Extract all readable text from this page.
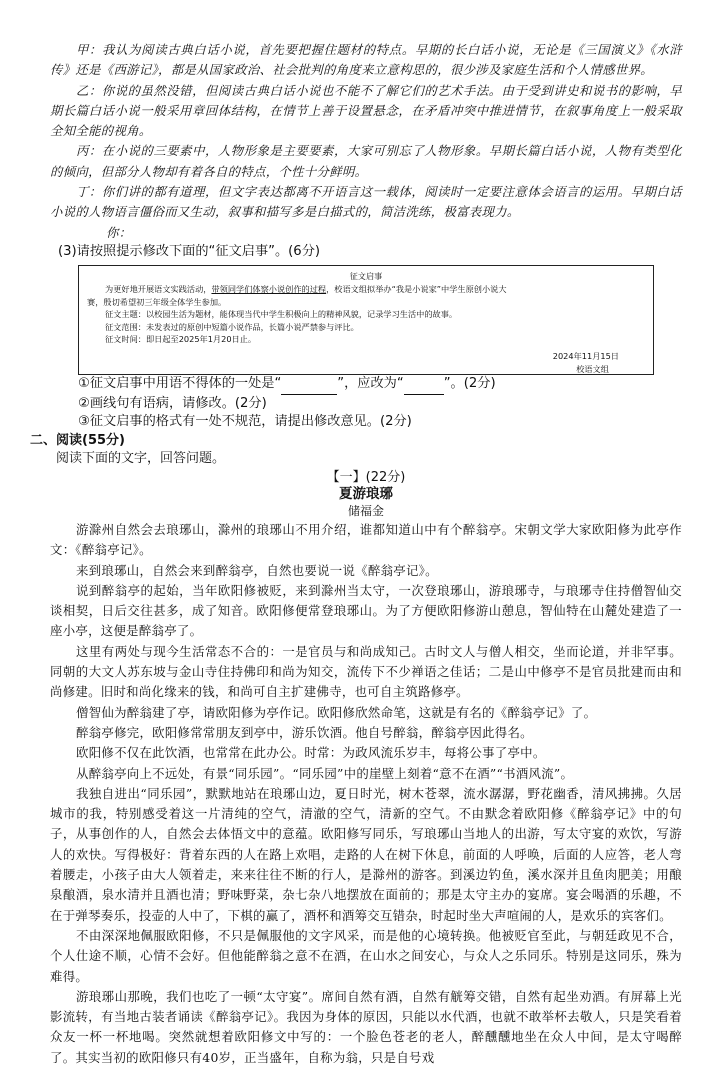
甲：我认为阅读古典白话小说，首先要把握住题材的特点。早期的长白话小说，无论是《三国演义》《水浒传》还是《西游记》，都是从国家政治、社会批判的角度来立意构思的，很少涉及家庭生活和个人情感世界。

乙：你说的虽然没错，但阅读古典白话小说也不能不了解它们的艺术手法。由于受到讲史和说书的影响，早期长篇白话小说一般采用章回体结构，在情节上善于设置悬念，在矛盾冲突中推进情节，在叙事角度上一般采取全知全能的视角。

丙：在小说的三要素中，人物形象是主要要素，大家可别忘了人物形象。早期长篇白话小说，人物有类型化的倾向，但部分人物却有着各自的特点，个性十分鲜明。

丁：你们讲的都有道理，但文字表达都离不开语言这一载体，阅读时一定要注意体会语言的运用。早期白话小说的人物语言僵俗而又生动，叙事和描写多是白描式的，简洁洗练，极富表现力。

你：

(3)请按照提示修改下面的“征文启事”。(6分)

征文启事

为更好地开展语文实践活动，带领同学们体察小说创作的过程，校语文组拟举办“我是小说家”中学生原创小说大

赛，殷切希望初三年级全体学生参加。

征文主题：以校园生活为题材，能体现当代中学生积极向上的精神风貌，记录学习生活中的故事。

征文范围：未发表过的原创中短篇小说作品，长篇小说严禁参与评比。

征文时间：即日起至2025年1月20日止。

2024年11月15日

校语文组

①征文启事中用语不得体的一处是“	”，应改为“	”。(2分)

②画线句有语病，请修改。(2分)

③征文启事的格式有一处不规范，请提出修改意见。(2分)

二、阅读(55分)

阅读下面的文字，回答问题。

【一】(22分)

夏游琅琊

储福金

游滁州自然会去琅琊山，滁州的琅琊山不用介绍，谁都知道山中有个醉翁亭。宋朝文学大家欧阳修为此亭作文：《醉翁亭记》。

来到琅琊山，自然会来到醉翁亭，自然也要说一说《醉翁亭记》。

说到醉翁亭的起始，当年欧阳修被贬，来到滁州当太守，一次登琅琊山，游琅琊寺，与琅琊寺住持僧智仙交谈相契，日后交往甚多，成了知音。欧阳修便常登琅琊山。为了方便欧阳修游山憩息，智仙特在山麓处建造了一座小亭，这便是醉翁亭了。

这里有两处与现今生活常态不合的：一是官员与和尚成知己。古时文人与僧人相交，坐而论道，并非罕事。同朝的大文人苏东坡与金山寺住持佛印和尚为知交，流传下不少禅语之佳话；二是山中修亭不是官员批建而由和尚修建。旧时和尚化缘来的钱，和尚可自主扩建佛寺，也可自主筑路修亭。

僧智仙为醉翁建了亭，请欧阳修为亭作记。欧阳修欣然命笔，这就是有名的《醉翁亭记》了。

醉翁亭修完，欧阳修常常朋友到亭中，游乐饮酒。他自号醉翁，醉翁亭因此得名。

欧阳修不仅在此饮酒，也常常在此办公。时常：为政风流乐岁丰，每将公事了亭中。

从醉翁亭向上不远处，有景“同乐园”。“同乐园”中的崖壁上刻着“意不在酒”“书酒风流”。

我独自进出“同乐园”，默默地站在琅琊山边，夏日时光，树木苍翠，流水潺潺，野花幽香，清风拂拂。久居城市的我，特别感受着这一片清纯的空气，清澈的空气，清新的空气。不由默念着欧阳修《醉翁亭记》中的句子，从事创作的人，自然会去体悟文中的意蕴。欧阳修写同乐，写琅琊山当地人的出游，写太守宴的欢饮，写游人的欢快。写得极好：背着东西的人在路上欢唱，走路的人在树下休息，前面的人呼唤，后面的人应答，老人弯着腰走，小孩子由大人领着走，来来往往不断的行人，是滁州的游客。到溪边钓鱼，溪水深并且鱼肉肥美；用酿泉酿酒，泉水清并且酒也清；野味野菜，杂七杂八地摆放在面前的；那是太守主办的宴席。宴会喝酒的乐趣，不在于弹琴奏乐，投壶的人中了，下棋的赢了，酒杯和酒筹交互错杂，时起时坐大声喧闹的人，是欢乐的宾客们。

不由深深地佩服欧阳修，不只是佩服他的文字风采，而是他的心境转换。他被贬官至此，与朝廷政见不合，个人仕途不顺，心情不会好。但他能醉翁之意不在酒，在山水之间安心，与众人之乐同乐。特别是这同乐，殊为难得。

游琅琊山那晚，我们也吃了一顿“太守宴”。席间自然有酒，自然有觥筹交错，自然有起坐劝酒。有屏幕上光影流转，有当地古装者诵读《醉翁亭记》。我因为身体的原因，只能以水代酒，也就不敢举杯去敬人，只是笑看着众友一杯一杯地喝。突然就想着欧阳修文中写的：一个脸色苍老的老人，醉醺醺地坐在众人中间，是太守喝醉了。其实当初的欧阳修只有40岁，正当盛年，自称为翁，只是自号戏
